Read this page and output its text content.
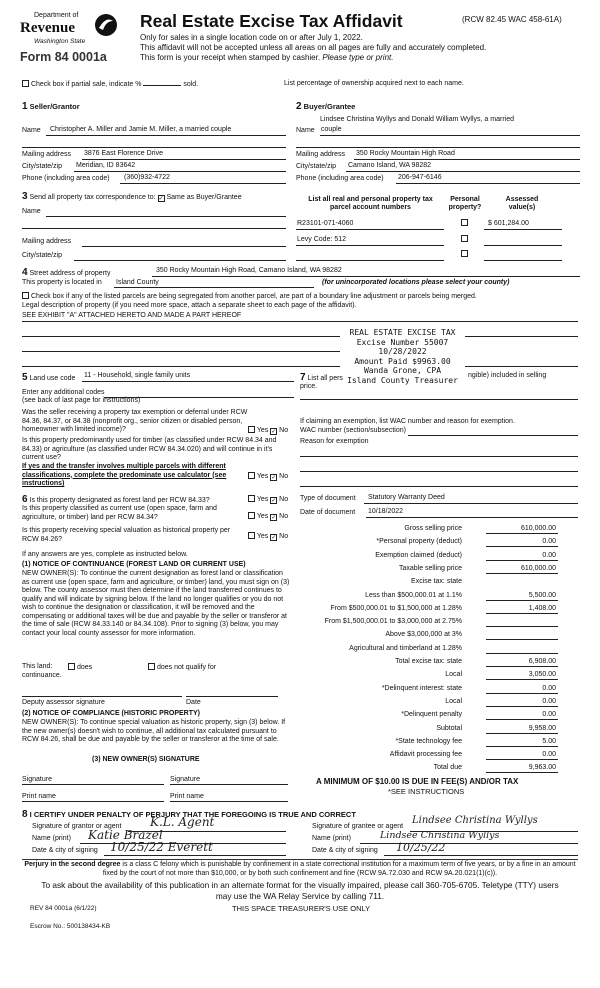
Department of
Revenue
Washington State
Form 84 0001a
Real Estate Excise Tax Affidavit	(RCW 82.45 WAC 458-61A)
Only for sales in a single location code on or after July 1, 2022.
This affidavit will not be accepted unless all areas on all pages are fully and accurately completed.
This form is your receipt when stamped by cashier. Please type or print.
Check box if partial sale, indicate %	sold.	List percentage of ownership acquired next to each name.
1 Seller/Grantor
Name Christopher A. Miller and Jamie M. Miller, a married couple
Mailing address 3876 East Florence Drive
City/state/zip Meridian, ID 83642
Phone (including area code) (360)932-4722
2 Buyer/Grantee
Lindsee Christina Wyllys and Donald William Wyllys, a married
Name couple
Mailing address 350 Rocky Mountain High Road
City/state/zip Camano Island, WA 98282
Phone (including area code) 206-947-6146
3 Send all property tax correspondence to: ✓ Same as Buyer/Grantee
Name
Mailing address
City/state/zip
List all real and personal property tax
parcel account numbers
Personal
property?
Assessed
value(s)
R23101-071-4060	$ 601,284.00
Levy Code: 512
4 Street address of property	350 Rocky Mountain High Road, Camano Island, WA 98282
This property is located in Island County	(for unincorporated locations please select your county)
Check box if any of the listed parcels are being segregated from another parcel, are part of a boundary line adjustment or parcels being merged.
Legal description of property (if you need more space, attach a separate sheet to each page of the affidavit).
SEE EXHIBIT "A" ATTACHED HERETO AND MADE A PART HEREOF
REAL ESTATE EXCISE TAX
Excise Number 55007
10/28/2022
Amount Paid $9963.00
Wanda Grone, CPA
Island County Treasurer
5 Land use code 11 - Household, single family units
Enter any additional codes
(see back of last page for instructions)
Was the seller receiving a property tax exemption or deferral under RCW 84.36, 84.37, or 84.38 (nonprofit org., senior citizen or disabled person, homeowner with limited income)?	Yes ✓ No
Is this property predominantly used for timber (as classified under RCW 84.34 and 84.33) or agriculture (as classified under RCW 84.34.020) and will continue in it's current use?
If yes and the transfer involves multiple parcels with different classifications, complete the predominate use calculator (see instructions)
Yes ✓ No
7 List all pers	ngible) included in selling
price.
If claiming an exemption, list WAC number and reason for exemption.
WAC number (section/subsection)
Reason for exemption
6 Is this property designated as forest land per RCW 84.33?	Yes ✓ No
Is this property classified as current use (open space, farm and agriculture, or timber) land per RCW 84.34?	Yes ✓ No
Is this property receiving special valuation as historical property per RCW 84.26?	Yes ✓ No
If any answers are yes, complete as instructed below.
(1) NOTICE OF CONTINUANCE (FOREST LAND OR CURRENT USE)
NEW OWNER(S): To continue the current designation as forest land or classification as current use (open space, farm and agriculture, or timber) land, you must sign on (3) below. The county assessor must then determine if the land transferred continues to qualify and will indicate by signing below. If the land no longer qualifies or you do not wish to continue the designation or classification, it will be removed and the compensating or additional taxes will be due and payable by the seller or transferor at the time of sale (RCW 84.33.140 or 84.34.108). Prior to signing (3) below, you may contact your local county assessor for more information.
This land:	does	does not qualify for
continuance.
Deputy assessor signature	Date
(2) NOTICE OF COMPLIANCE (HISTORIC PROPERTY)
NEW OWNER(S): To continue special valuation as historic property, sign (3) below. If the new owner(s) doesn't wish to continue, all additional tax calculated pursuant to RCW 84.26, shall be due and payable by the seller or transferor at the time of sale.
(3) NEW OWNER(S) SIGNATURE
Signature	Signature
Print name	Print name
Type of document Statutory Warranty Deed
Date of document 10/18/2022
Gross selling price	610,000.00
*Personal property (deduct)	0.00
Exemption claimed (deduct)	0.00
Taxable selling price	610,000.00
Excise tax: state

Less than $500,000.01 at 1.1%	5,500.00
From $500,000.01 to $1,500,000 at 1.28%	1,408.00
From $1,500,000.01 to $3,000,000 at 2.75%

Above $3,000,000 at 3%

Agricultural and timberland at 1.28%

Total excise tax: state	6,908.00
Local	3,050.00
*Delinquent interest: state	0.00
Local	0.00
*Delinquent penalty	0.00
Subtotal	9,958.00
*State technology fee	5.00
Affidavit processing fee	0.00
Total due	9,963.00
A MINIMUM OF $10.00 IS DUE IN FEE(S) AND/OR TAX
*SEE INSTRUCTIONS
8 I CERTIFY UNDER PENALTY OF PERJURY THAT THE FOREGOING IS TRUE AND CORRECT
Signature of grantor or agent K.L. Agent
Name (print) Katie Brazel
Date & city of signing 10/25/22 Everett
Signature of grantee or agent
Lindsee Christina Wyllys
Name (print)	Lindsee Christina Wyllys
Date & city of signing 10/25/22
Perjury in the second degree is a class C felony which is punishable by confinement in a state correctional institution for a maximum term of five years, or by a fine in an amount fixed by the court of not more than $10,000, or by both such confinement and fine (RCW 9A.72.030 and RCW 9A.20.021(1)(c)).
To ask about the availability of this publication in an alternate format for the visually impaired, please call 360-705-6705. Teletype (TTY) users may use the WA Relay Service by calling 711.
REV 84 0001a (6/1/22)	THIS SPACE TREASURER'S USE ONLY
Escrow No.: 500138434-KB
